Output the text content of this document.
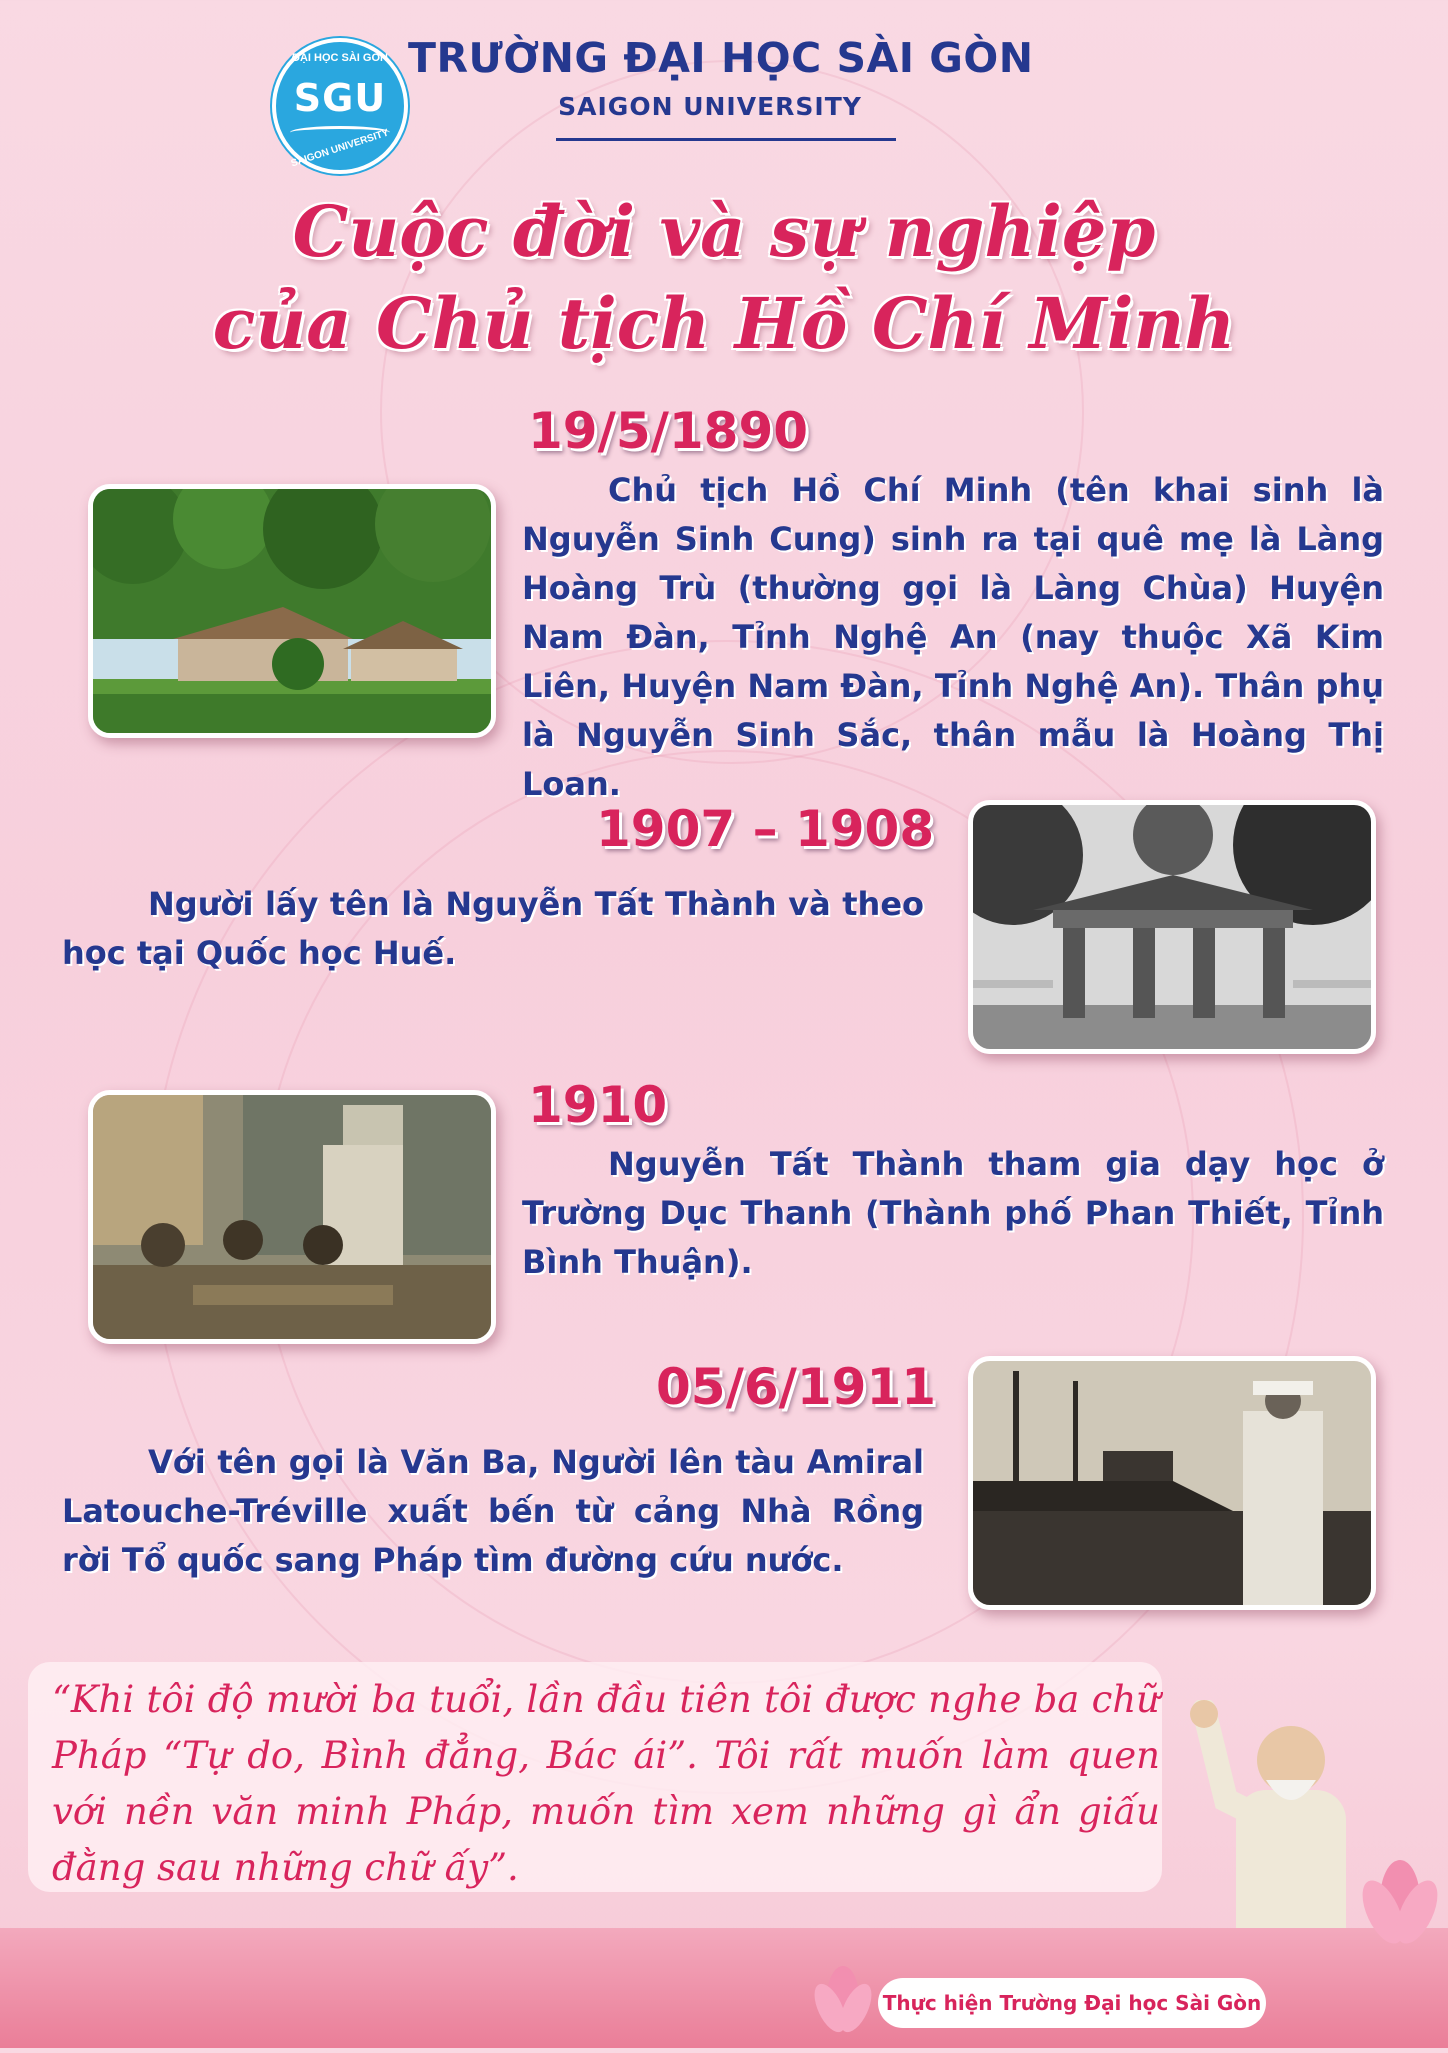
ĐẠI HỌC SÀI GÒN
SGU
SAIGON UNIVERSITY
TRƯỜNG ĐẠI HỌC SÀI GÒN
SAIGON UNIVERSITY
Cuộc đời và sự nghiệp
của Chủ tịch Hồ Chí Minh
19/5/1890
Chủ tịch Hồ Chí Minh (tên khai sinh là Nguyễn Sinh Cung) sinh ra tại quê mẹ là Làng Hoàng Trù (thường gọi là Làng Chùa) Huyện Nam Đàn, Tỉnh Nghệ An (nay thuộc Xã Kim Liên, Huyện Nam Đàn, Tỉnh Nghệ An). Thân phụ là Nguyễn Sinh Sắc, thân mẫu là Hoàng Thị Loan.
1907 – 1908
Người lấy tên là Nguyễn Tất Thành và theo học tại Quốc học Huế.
1910
Nguyễn Tất Thành tham gia dạy học ở Trường Dục Thanh (Thành phố Phan Thiết, Tỉnh Bình Thuận).
05/6/1911
Với tên gọi là Văn Ba, Người lên tàu Amiral Latouche-Tréville xuất bến từ cảng Nhà Rồng rời Tổ quốc sang Pháp tìm đường cứu nước.
“Khi tôi độ mười ba tuổi, lần đầu tiên tôi được nghe ba chữ Pháp “Tự do, Bình đẳng, Bác ái”. Tôi rất muốn làm quen với nền văn minh Pháp, muốn tìm xem những gì ẩn giấu đằng sau những chữ ấy”.
Thực hiện Trường Đại học Sài Gòn
